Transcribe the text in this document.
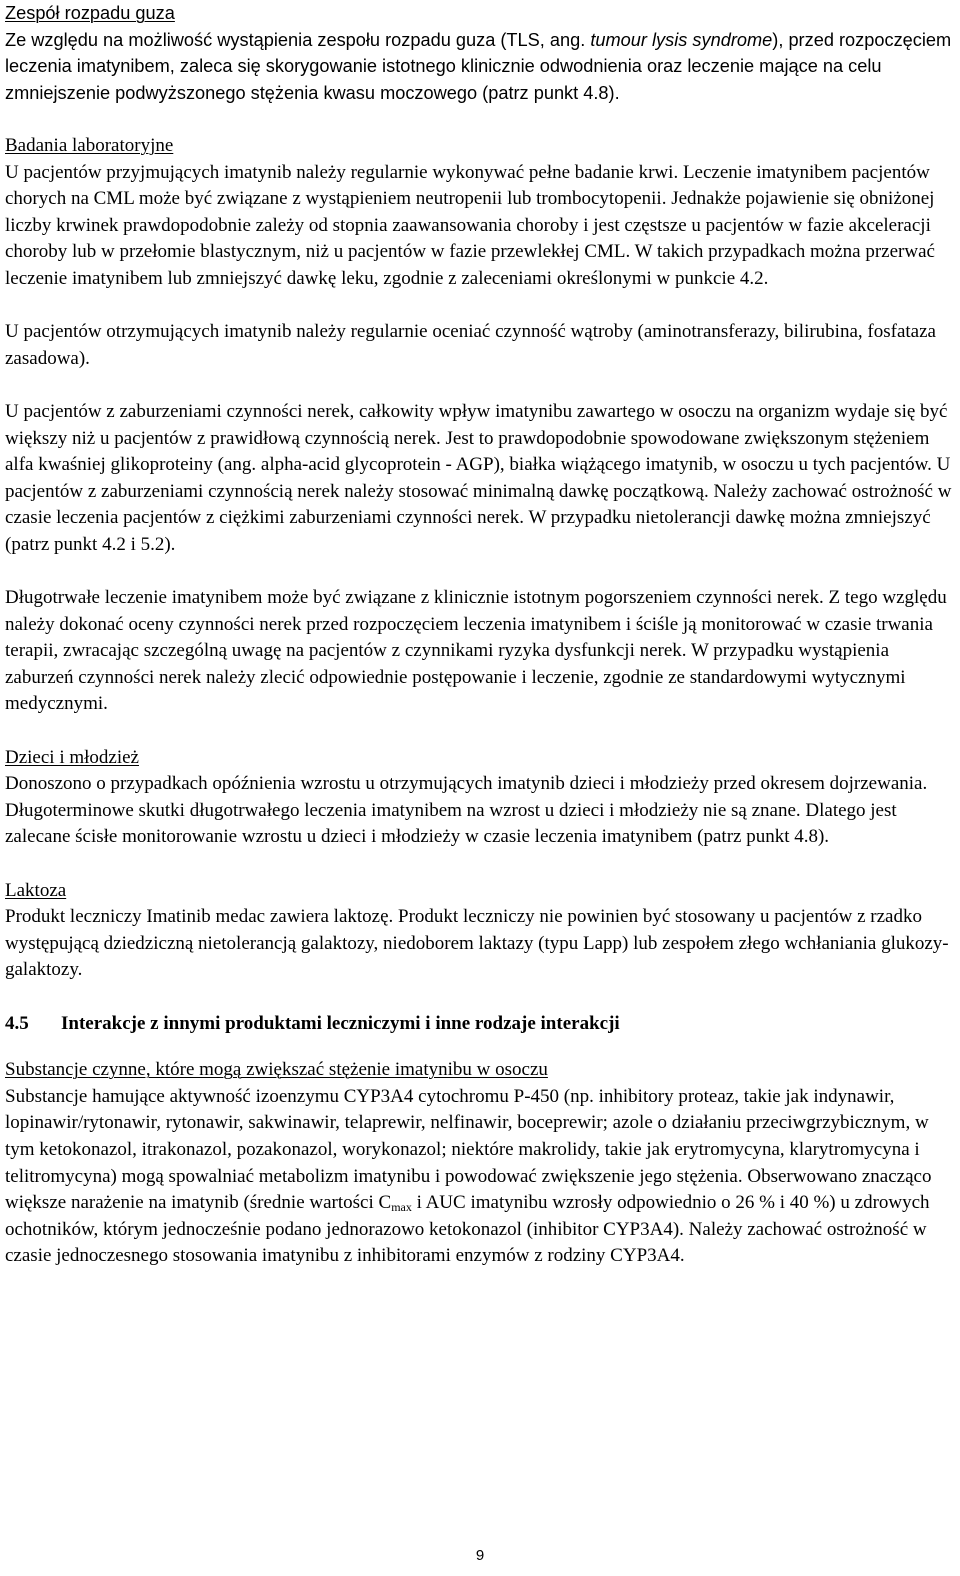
Zespół rozpadu guza
Ze względu na możliwość wystąpienia zespołu rozpadu guza (TLS, ang. tumour lysis syndrome), przed rozpoczęciem leczenia imatynibem, zaleca się skorygowanie istotnego klinicznie odwodnienia oraz leczenie mające na celu zmniejszenie podwyższonego stężenia kwasu moczowego (patrz punkt 4.8).
Badania laboratoryjne
U pacjentów przyjmujących imatynib należy regularnie wykonywać pełne badanie krwi. Leczenie imatynibem pacjentów chorych na CML może być związane z wystąpieniem neutropenii lub trombocytopenii. Jednakże pojawienie się obniżonej liczby krwinek prawdopodobnie zależy od stopnia zaawansowania choroby i jest częstsze u pacjentów w fazie akceleracji choroby lub w przełomie blastycznym, niż u pacjentów w fazie przewlekłej CML. W takich przypadkach można przerwać leczenie imatynibem lub zmniejszyć dawkę leku, zgodnie z zaleceniami określonymi w punkcie 4.2.
U pacjentów otrzymujących imatynib należy regularnie oceniać czynność wątroby (aminotransferazy, bilirubina, fosfataza zasadowa).
U pacjentów z zaburzeniami czynności nerek, całkowity wpływ imatynibu zawartego w osoczu na organizm wydaje się być większy niż u pacjentów z prawidłową czynnością nerek. Jest to prawdopodobnie spowodowane zwiększonym stężeniem alfa kwaśniej glikoproteiny (ang. alpha-acid glycoprotein - AGP), białka wiążącego imatynib, w osoczu u tych pacjentów. U pacjentów z zaburzeniami czynnością nerek należy stosować minimalną dawkę początkową. Należy zachować ostrożność w czasie leczenia pacjentów z ciężkimi zaburzeniami czynności nerek. W przypadku nietolerancji dawkę można zmniejszyć (patrz punkt 4.2 i 5.2).
Długotrwałe leczenie imatynibem może być związane z klinicznie istotnym pogorszeniem czynności nerek. Z tego względu należy dokonać oceny czynności nerek przed rozpoczęciem leczenia imatynibem i ściśle ją monitorować w czasie trwania terapii, zwracając szczególną uwagę na pacjentów z czynnikami ryzyka dysfunkcji nerek. W przypadku wystąpienia zaburzeń czynności nerek należy zlecić odpowiednie postępowanie i leczenie, zgodnie ze standardowymi wytycznymi medycznymi.
Dzieci i młodzież
Donoszono o przypadkach opóźnienia wzrostu u otrzymujących imatynib dzieci i młodzieży przed okresem dojrzewania. Długoterminowe skutki długotrwałego leczenia imatynibem na wzrost u dzieci i młodzieży nie są znane. Dlatego jest zalecane ścisłe monitorowanie wzrostu u dzieci i młodzieży w czasie leczenia imatynibem (patrz punkt 4.8).
Laktoza
Produkt leczniczy Imatinib medac zawiera laktozę. Produkt leczniczy nie powinien być stosowany u pacjentów z rzadko występującą dziedziczną nietolerancją galaktozy, niedoborem laktazy (typu Lapp) lub zespołem złego wchłaniania glukozy-galaktozy.
4.5	Interakcje z innymi produktami leczniczymi i inne rodzaje interakcji
Substancje czynne, które mogą zwiększać stężenie imatynibu w osoczu
Substancje hamujące aktywność izoenzymu CYP3A4 cytochromu P-450 (np. inhibitory proteaz, takie jak indynawir, lopinawir/rytonawir, rytonawir, sakwinawir, telaprewir, nelfinawir, boceprewir; azole o działaniu przeciwgrzybicznym, w tym ketokonazol, itrakonazol, pozakonazol, worykonazol; niektóre makrolidy, takie jak erytromycyna, klarytromycyna i telitromycyna) mogą spowalniać metabolizm imatynibu i powodować zwiększenie jego stężenia. Obserwowano znacząco większe narażenie na imatynib (średnie wartości $C_{max}$ i AUC imatynibu wzrosły odpowiednio o 26 % i 40 %) u zdrowych ochotników, którym jednocześnie podano jednorazowo ketokonazol (inhibitor CYP3A4). Należy zachować ostrożność w czasie jednoczesnego stosowania imatynibu z inhibitorami enzymów z rodziny CYP3A4.
9
